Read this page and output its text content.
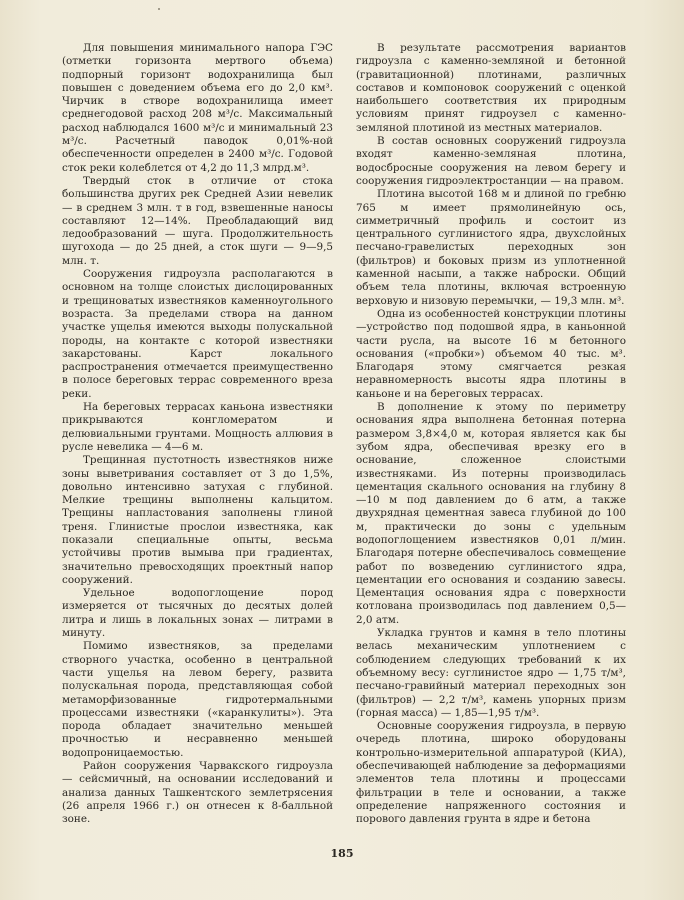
Для повышения минимального напора ГЭС (отметки горизонта мертвого объема) подпорный горизонт водохранилища был повышен с доведением объема его до 2,0 км³. Чирчик в створе водохранилища имеет среднегодовой расход 208 м³/с. Максимальный расход наблюдался 1600 м³/с и минимальный 23 м³/с. Расчетный паводок 0,01%-ной обеспеченности определен в 2400 м³/с. Годовой сток реки колеблется от 4,2 до 11,3 млрд.м³.

Твердый сток в отличие от стока большинства других рек Средней Азии невелик — в среднем 3 млн. т в год, взвешенные наносы составляют 12—14%. Преобладающий вид ледообразований — шуга. Продолжительность шугохода — до 25 дней, а сток шуги — 9—9,5 млн. т.

Сооружения гидроузла располагаются в основном на толще слоистых дислоцированных и трещиноватых известняков каменноугольного возраста. За пределами створа на данном участке ущелья имеются выходы полускальной породы, на контакте с которой известняки закарстованы. Карст локального распространения отмечается преимущественно в полосе береговых террас современного вреза реки.

На береговых террасах каньона известняки прикрываются конгломератом и делювиальными грунтами. Мощность аллювия в русле невелика — 4—6 м.

Трещинная пустотность известняков ниже зоны выветривания составляет от 3 до 1,5%, довольно интенсивно затухая с глубиной. Мелкие трещины выполнены кальцитом. Трещины напластования заполнены глиной треня. Глинистые прослои известняка, как показали специальные опыты, весьма устойчивы против вымыва при градиентах, значительно превосходящих проектный напор сооружений.

Удельное водопоглощение пород измеряется от тысячных до десятых долей литра и лишь в локальных зонах — литрами в минуту.

Помимо известняков, за пределами створного участка, особенно в центральной части ущелья на левом берегу, развита полускальная порода, представляющая собой метаморфизованные гидротермальными процессами известняки («каранкулиты»). Эта порода обладает значительно меньшей прочностью и несравненно меньшей водопроницаемостью.

Район сооружения Чарвакского гидроузла — сейсмичный, на основании исследований и анализа данных Ташкентского землетрясения (26 апреля 1966 г.) он отнесен к 8-балльной зоне.

В результате рассмотрения вариантов гидроузла с каменно-земляной и бетонной (гравитационной) плотинами, различных составов и компоновок сооружений с оценкой наибольшего соответствия их природным условиям принят гидроузел с каменно-земляной плотиной из местных материалов.

В состав основных сооружений гидроузла входят каменно-земляная плотина, водосбросные сооружения на левом берегу и сооружения гидроэлектростанции — на правом.

Плотина высотой 168 м и длиной по гребню 765 м имеет прямолинейную ось, симметричный профиль и состоит из центрального суглинистого ядра, двухслойных песчано-гравелистых переходных зон (фильтров) и боковых призм из уплотненной каменной насыпи, а также наброски. Общий объем тела плотины, включая встроенную верховую и низовую перемычки, — 19,3 млн. м³.

Одна из особенностей конструкции плотины—устройство под подошвой ядра, в каньонной части русла, на высоте 16 м бетонного основания («пробки») объемом 40 тыс. м³. Благодаря этому смягчается резкая неравномерность высоты ядра плотины в каньоне и на береговых террасах.

В дополнение к этому по периметру основания ядра выполнена бетонная потерна размером 3,8×4,0 м, которая является как бы зубом ядра, обеспечивая врезку его в основание, сложенное слоистыми известняками. Из потерны производилась цементация скального основания на глубину 8—10 м под давлением до 6 атм, а также двухрядная цементная завеса глубиной до 100 м, практически до зоны с удельным водопоглощением известняков 0,01 л/мин. Благодаря потерне обеспечивалось совмещение работ по возведению суглинистого ядра, цементации его основания и созданию завесы. Цементация основания ядра с поверхности котлована производилась под давлением 0,5—2,0 атм.

Укладка грунтов и камня в тело плотины велась механическим уплотнением с соблюдением следующих требований к их объемному весу: суглинистое ядро — 1,75 т/м³, песчано-гравийный материал переходных зон (фильтров) — 2,2 т/м³, камень упорных призм (горная масса) — 1,85—1,95 т/м³.

Основные сооружения гидроузла, в первую очередь плотина, широко оборудованы контрольно-измерительной аппаратурой (КИА), обеспечивающей наблюдение за деформациями элементов тела плотины и процессами фильтрации в теле и основании, а также определение напряженного состояния и порового давления грунта в ядре и бетона

185
